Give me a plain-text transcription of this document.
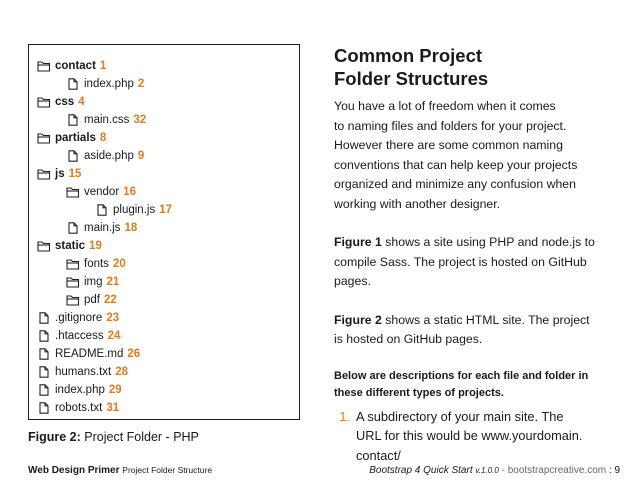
contact 1
index.php 2
css 4
main.css 32
partials 8
aside.php 9
js 15
vendor 16
plugin.js 17
main.js 18
static 19
fonts 20
img 21
pdf 22
.gitignore 23
.htaccess 24
README.md 26
humans.txt 28
index.php 29
robots.txt 31
Figure 2: Project Folder - PHP
Common Project
Folder Structures

You have a lot of freedom when it comes
to naming files and folders for your project.
However there are some common naming
conventions that can help keep your projects
organized and minimize any confusion when
working with another designer.

Figure 1 shows a site using PHP and node.js to
compile Sass. The project is hosted on GitHub
pages.

Figure 2 shows a static HTML site. The project
is hosted on GitHub pages.

Below are descriptions for each file and folder in
these different types of projects.

1. A subdirectory of your main site. The
URL for this would be www.yourdomain.
contact/
Web Design Primer Project Folder Structure	Bootstrap 4 Quick Start v.1.0.0 - bootstrapcreative.com : 9
